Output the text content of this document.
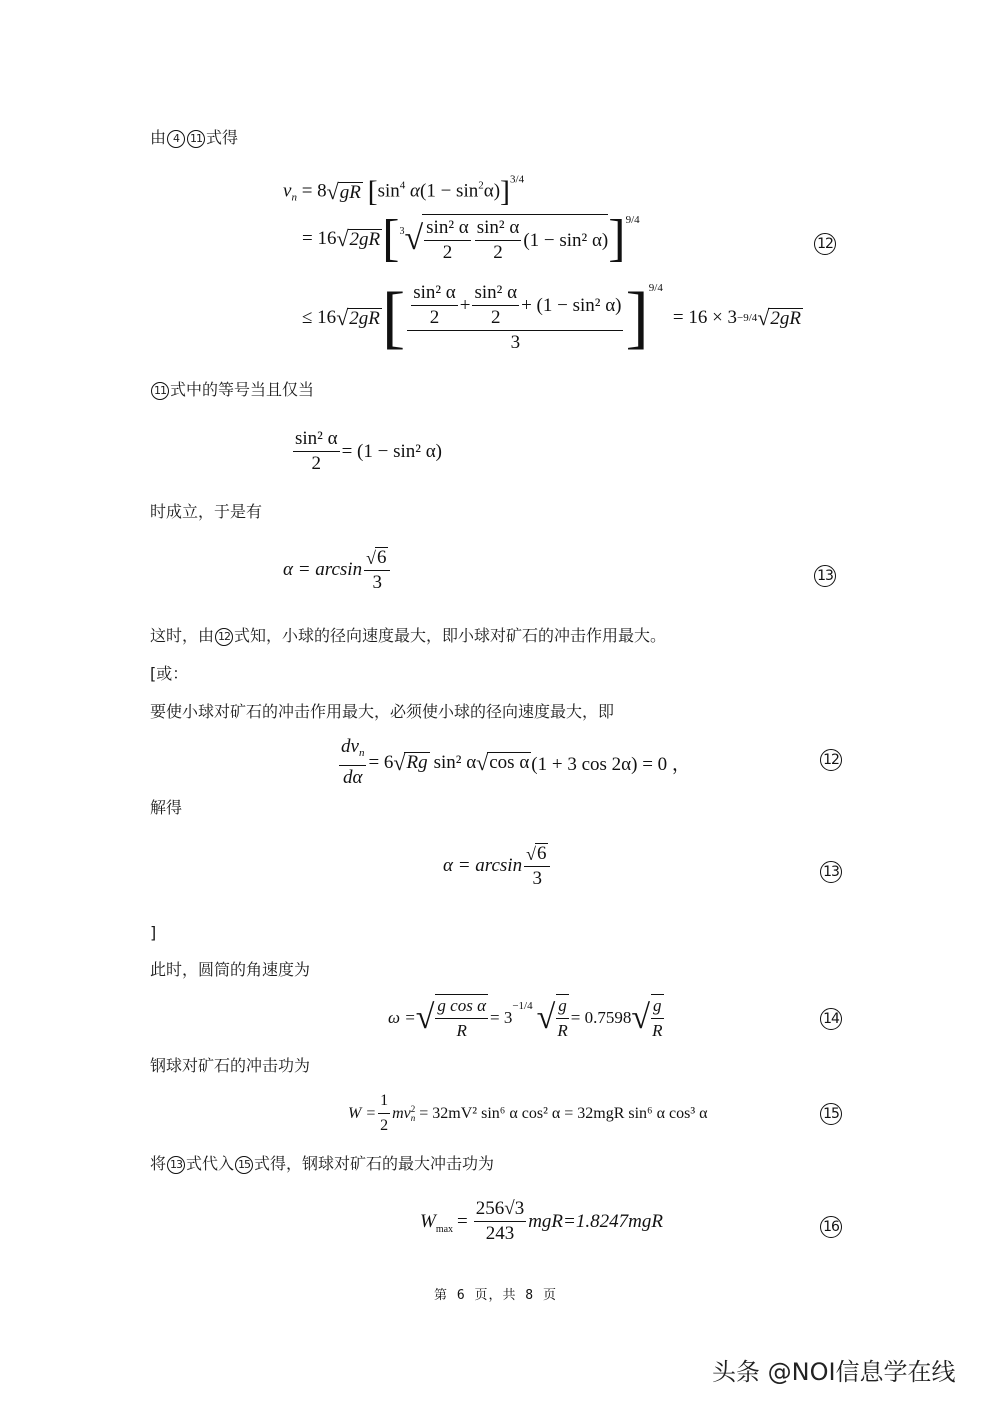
由 4 11 式得
$v_n = 8√gR$ [$\sin^4$ $\alpha(1 - \sin^2\alpha)]^{3/4}$
= 16 √ 2gR [ 3 √ $\frac{\text{sin² α}}{2} \frac{\text{sin² α}}{2} (1 - \sin^2$ α) ] 9/4
12
≤ 16 √ 2gR [ $\frac{\frac{\text{sin² α}}{2} + \frac{\text{sin² α}}{2} + (1 - \sin^2 \alpha)}{3}$ ] 9/4
= 16 × 3 −9/4 √ 2gR
11 式中的等号当且仅当
$\frac{\text{sin² α}}{2} = (1 - \sin^2$ α)
时成立，于是有
$\alpha = \arcsin \frac{√6}{3}$	13
这时，由 12 式知，小球的径向速度最大，即小球对矿石的冲击作用最大。
[或：
要使小球对矿石的冲击作用最大，必须使小球的径向速度最大，即
$\frac{dv_n}{d\alpha} = 6$ √ Rg sin² α √ cos α (1 + 3 cos 2α) = 0 ，	12
解得
$\alpha = \arcsin \frac{√6}{3}$	13
]
此时，圆筒的角速度为
ω = √ $\frac{\text{g cos α}}{R} = 3$
−1/4 √ $\frac{g}{R} = 0.7598$ √ $\frac{g}{R}$	14
钢球对矿石的冲击功为
$W = \frac{1}{2}$ mv 2
n = 32mV² sin⁶ α cos² α = 32mgR sin⁶ α cos³ α	15
将 13 式代入 15 式得，钢球对矿石的最大冲击功为
W $\max = \frac{256√3}{243} mgR=1.8247mgR$	16
第 6 页，共 8 页
头条 @NOI信息学在线
